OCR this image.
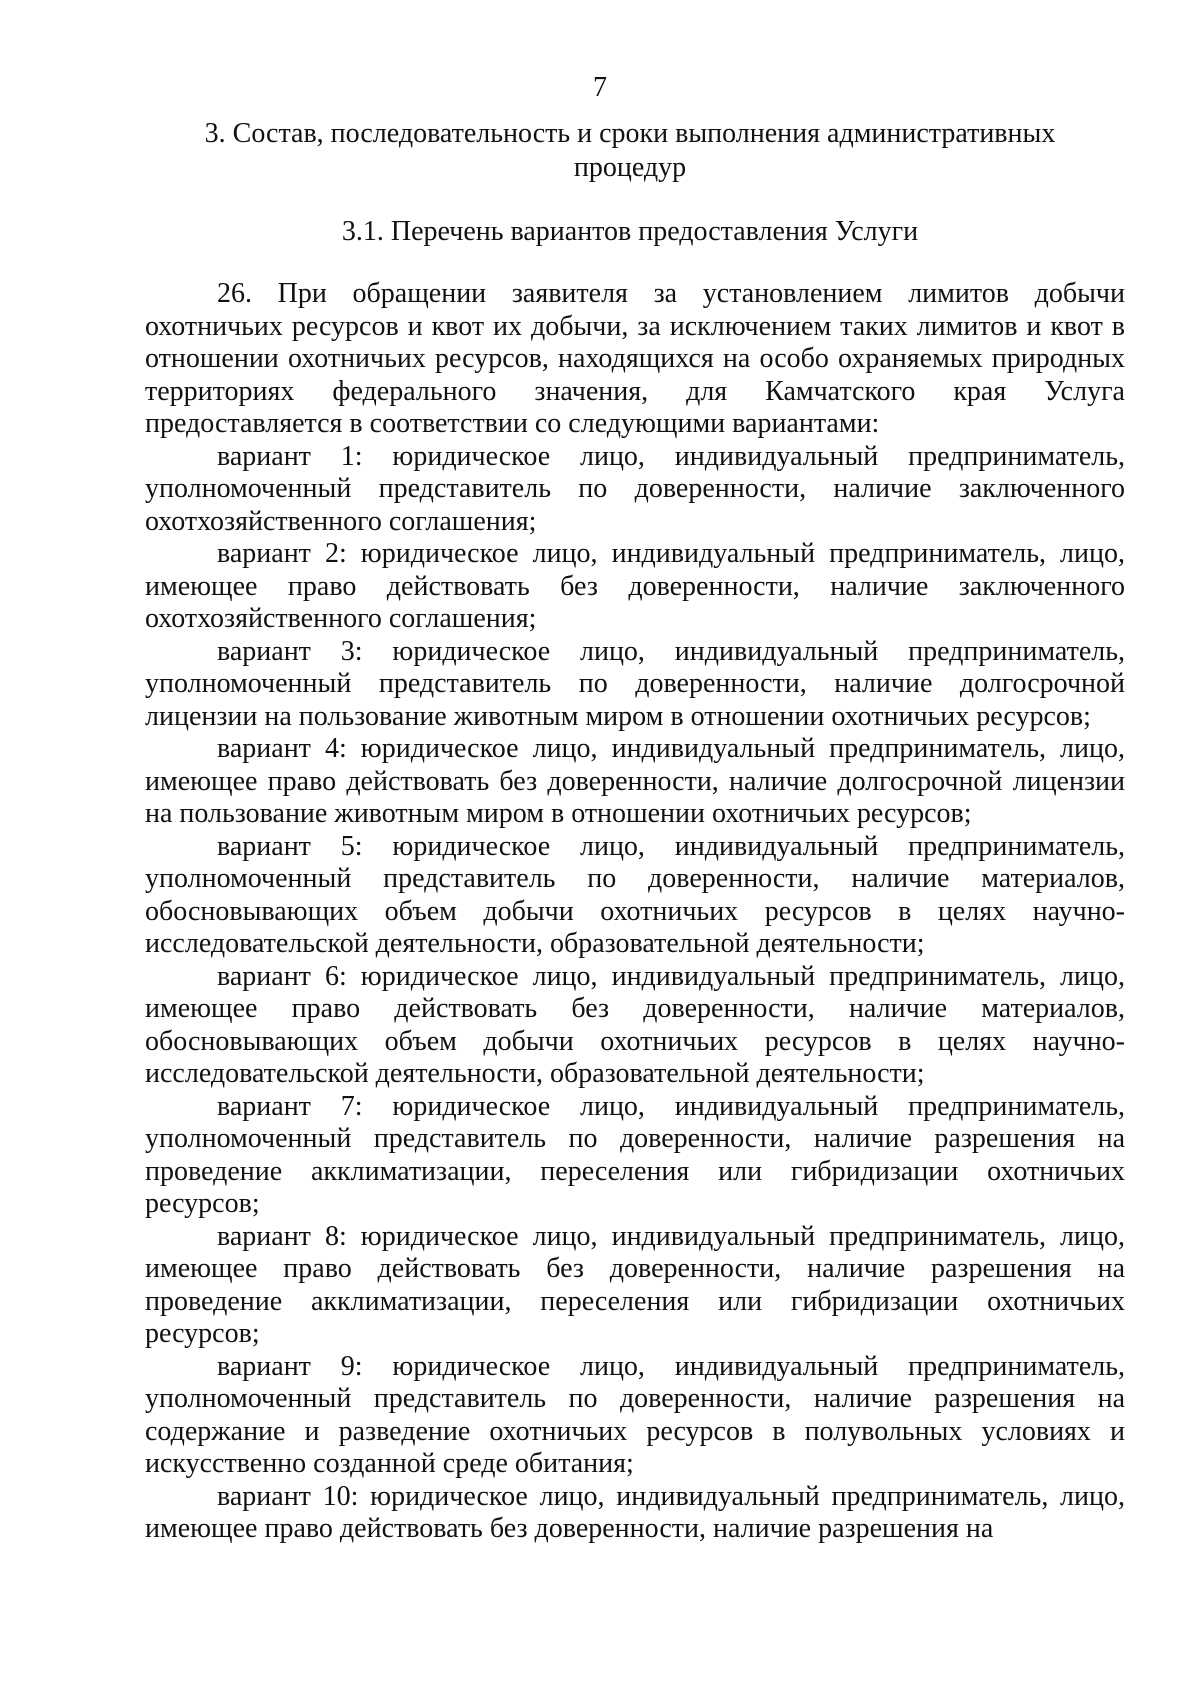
7
3. Состав, последовательность и сроки выполнения административных процедур
3.1. Перечень вариантов предоставления Услуги

26. При обращении заявителя за установлением лимитов добычи охотничьих ресурсов и квот их добычи, за исключением таких лимитов и квот в отношении охотничьих ресурсов, находящихся на особо охраняемых природных территориях федерального значения, для Камчатского края Услуга предоставляется в соответствии со следующими вариантами:

вариант 1: юридическое лицо, индивидуальный предприниматель, уполномоченный представитель по доверенности, наличие заключенного охотхозяйственного соглашения;

вариант 2: юридическое лицо, индивидуальный предприниматель, лицо, имеющее право действовать без доверенности, наличие заключенного охотхозяйственного соглашения;

вариант 3: юридическое лицо, индивидуальный предприниматель, уполномоченный представитель по доверенности, наличие долгосрочной лицензии на пользование животным миром в отношении охотничьих ресурсов;

вариант 4: юридическое лицо, индивидуальный предприниматель, лицо, имеющее право действовать без доверенности, наличие долгосрочной лицензии на пользование животным миром в отношении охотничьих ресурсов;

вариант 5: юридическое лицо, индивидуальный предприниматель, уполномоченный представитель по доверенности, наличие материалов, обосновывающих объем добычи охотничьих ресурсов в целях научно-исследовательской деятельности, образовательной деятельности;

вариант 6: юридическое лицо, индивидуальный предприниматель, лицо, имеющее право действовать без доверенности, наличие материалов, обосновывающих объем добычи охотничьих ресурсов в целях научно-исследовательской деятельности, образовательной деятельности;

вариант 7: юридическое лицо, индивидуальный предприниматель, уполномоченный представитель по доверенности, наличие разрешения на проведение акклиматизации, переселения или гибридизации охотничьих ресурсов;

вариант 8: юридическое лицо, индивидуальный предприниматель, лицо, имеющее право действовать без доверенности, наличие разрешения на проведение акклиматизации, переселения или гибридизации охотничьих ресурсов;

вариант 9: юридическое лицо, индивидуальный предприниматель, уполномоченный представитель по доверенности, наличие разрешения на содержание и разведение охотничьих ресурсов в полувольных условиях и искусственно созданной среде обитания;

вариант 10: юридическое лицо, индивидуальный предприниматель, лицо, имеющее право действовать без доверенности, наличие разрешения на
